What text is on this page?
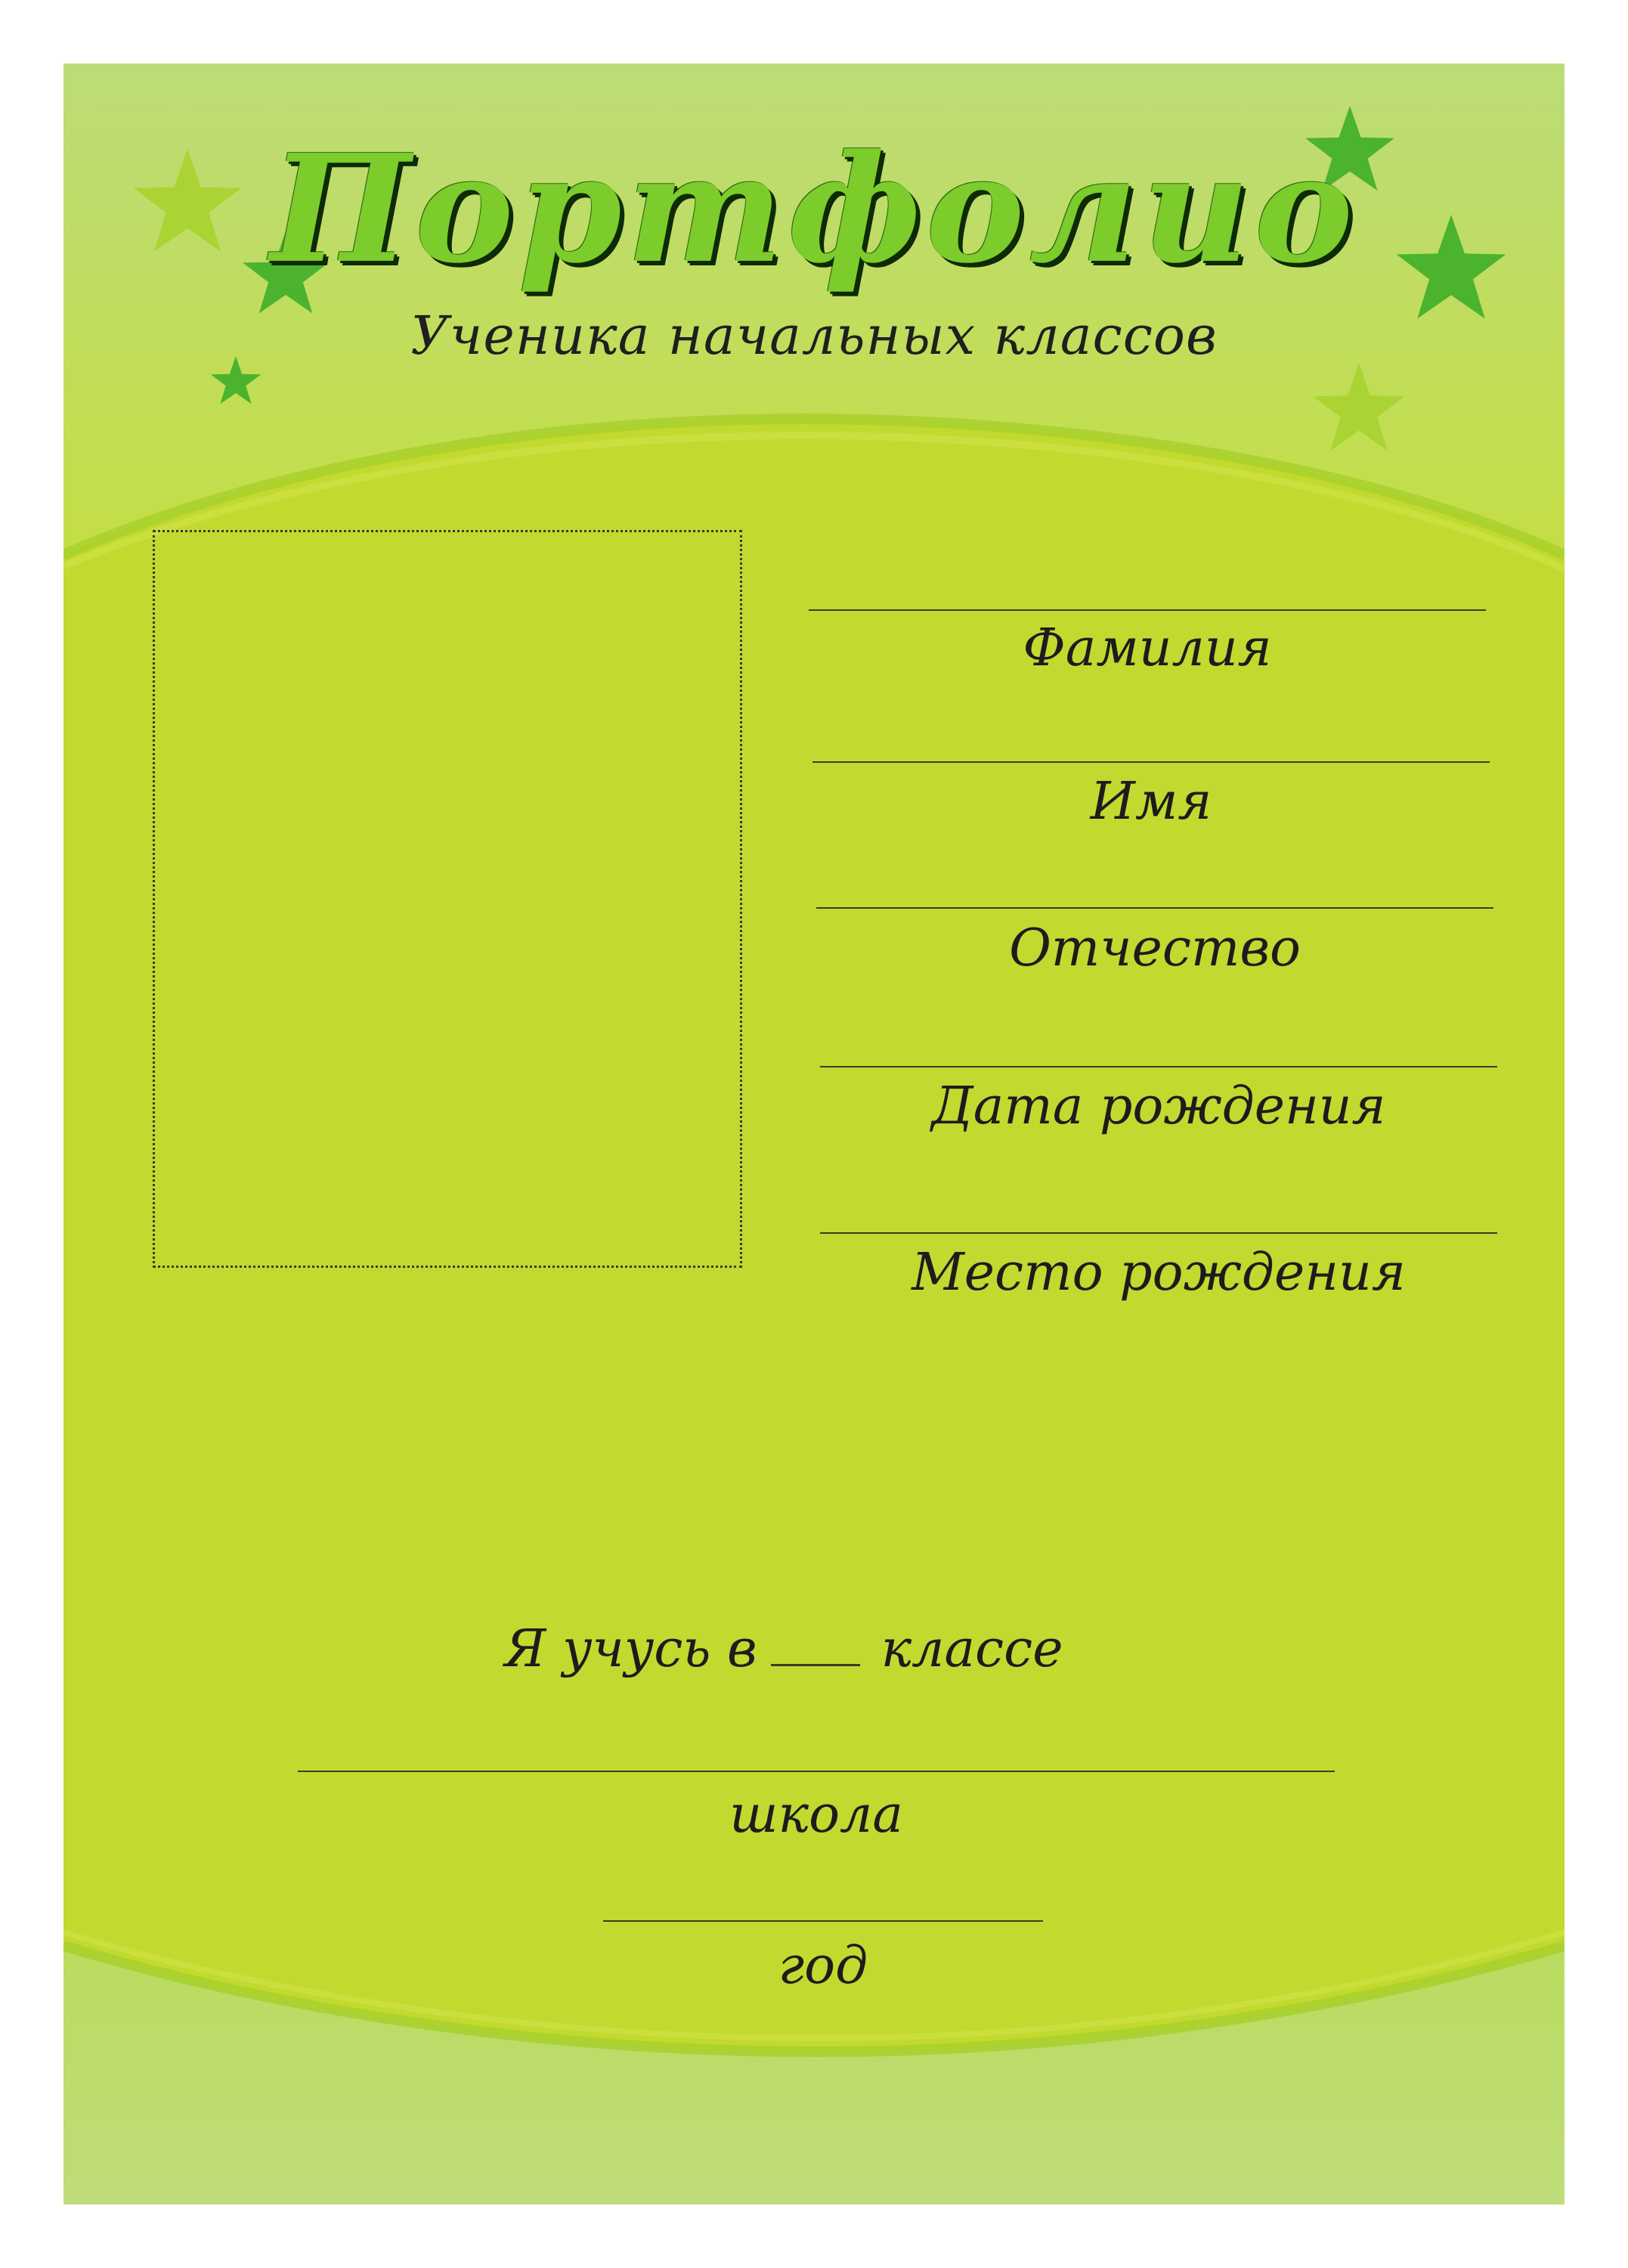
Портфолио
Ученика начальных классов
Фамилия
Имя
Отчество
Дата рождения
Место рождения
Я учусь в классе
школа
год
